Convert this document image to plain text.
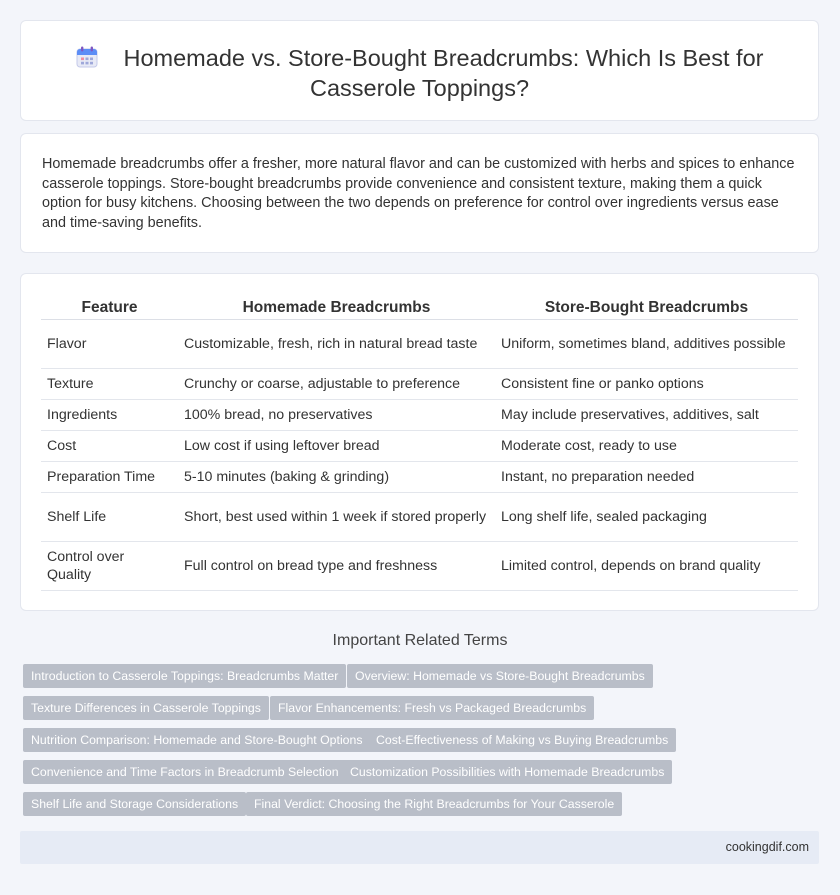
Homemade vs. Store-Bought Breadcrumbs: Which Is Best for
Casserole Toppings?
Homemade breadcrumbs offer a fresher, more natural flavor and can be customized with herbs and spices to enhance casserole toppings. Store-bought breadcrumbs provide convenience and consistent texture, making them a quick option for busy kitchens. Choosing between the two depends on preference for control over ingredients versus ease and time-saving benefits.
Feature	Homemade Breadcrumbs	Store-Bought Breadcrumbs
Flavor	Customizable, fresh, rich in natural bread taste	Uniform, sometimes bland, additives possible
Texture	Crunchy or coarse, adjustable to preference	Consistent fine or panko options
Ingredients	100% bread, no preservatives	May include preservatives, additives, salt
Cost	Low cost if using leftover bread	Moderate cost, ready to use
Preparation Time	5-10 minutes (baking & grinding)	Instant, no preparation needed
Shelf Life	Short, best used within 1 week if stored properly	Long shelf life, sealed packaging
Control over Quality	Full control on bread type and freshness	Limited control, depends on brand quality
Important Related Terms
Introduction to Casserole Toppings: Breadcrumbs Matter	Overview: Homemade vs Store-Bought Breadcrumbs
Texture Differences in Casserole Toppings	Flavor Enhancements: Fresh vs Packaged Breadcrumbs
Nutrition Comparison: Homemade and Store-Bought Options	Cost-Effectiveness of Making vs Buying Breadcrumbs
Convenience and Time Factors in Breadcrumb Selection Customization Possibilities with Homemade Breadcrumbs
Shelf Life and Storage Considerations	Final Verdict: Choosing the Right Breadcrumbs for Your Casserole
cookingdif.com
